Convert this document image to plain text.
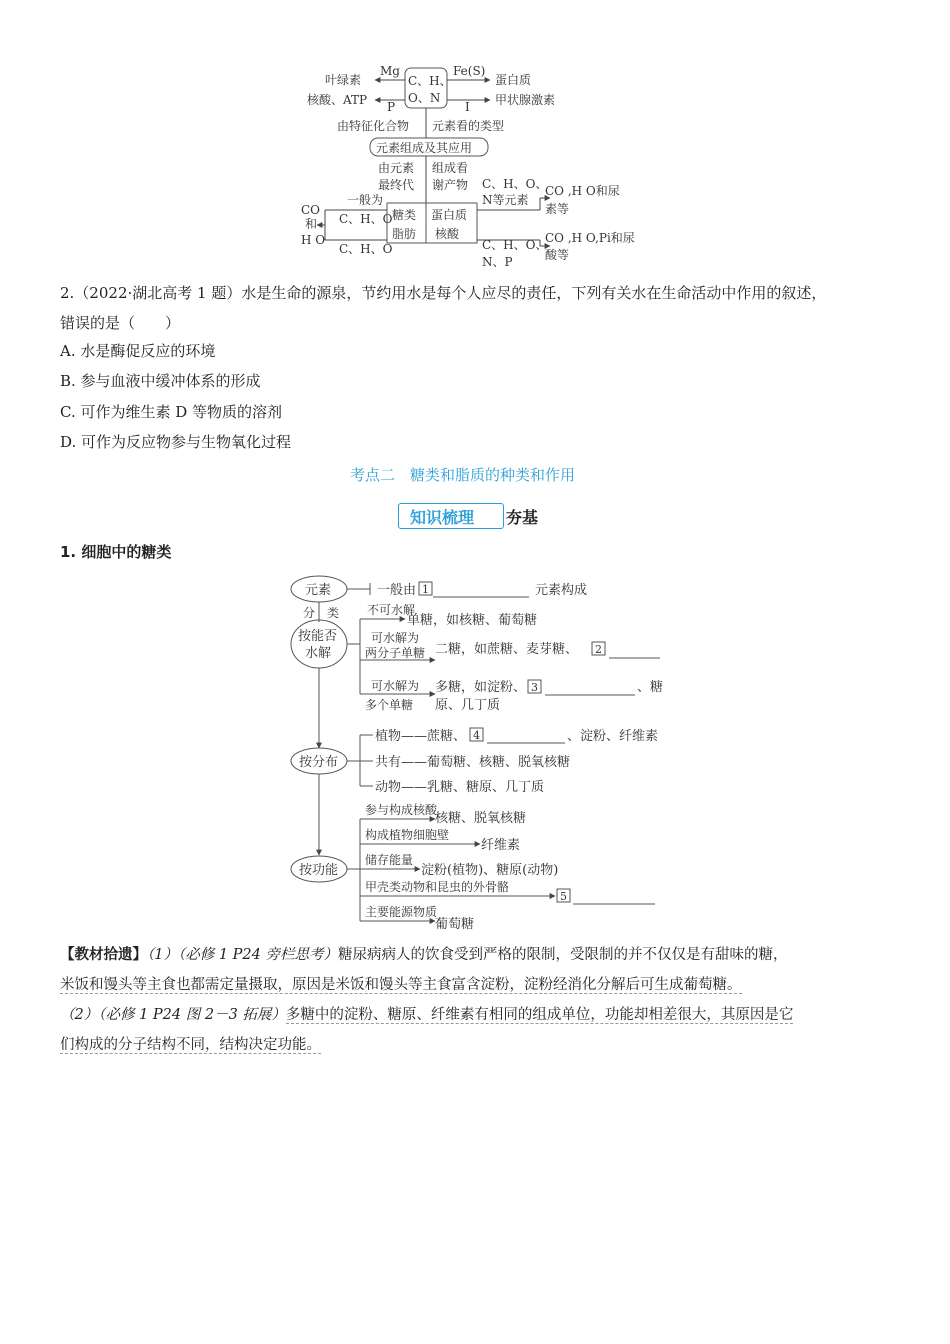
C、H、
O、N
Mg
P
叶绿素
核酸、ATP
Fe(S)
I
蛋白质
甲状腺激素
由特征化合物 元素看的类型
元素组成及其应用
由元素
最终代
组成看
谢产物
糖类 蛋白质
脂肪 核酸
一般为
C、H、O
C、H、O
CO
和
H O
C、H、O、
N等元素
CO ,H O和尿
素等
C、H、O、
N、P
CO ,H O,Pi和尿
酸等
2.（2022·湖北高考 1 题）水是生命的源泉，节约用水是每个人应尽的责任，下列有关水在生命活动中作用的叙述，
错误的是（　　）
A. 水是酶促反应的环境
B. 参与血液中缓冲体系的形成
C. 可作为维生素 D 等物质的溶剂
D. 可作为反应物参与生物氧化过程
考点二　糖类和脂质的种类和作用
知识梳理 夯基
1. 细胞中的糖类
元素	一般由 1	元素构成
分　类
按能否
水解
不可水解
单糖，如核糖、葡萄糖
可水解为
两分子单糖 二糖，如蔗糖、麦芽糖、 2
可水解为
多个单糖
多糖，如淀粉、 3	、糖
原、几丁质
按分布
植物——蔗糖、 4	、淀粉、纤维素
共有——葡萄糖、核糖、脱氧核糖
动物——乳糖、糖原、几丁质
按功能
参与构成核酸
核糖、脱氧核糖
构成植物细胞壁
纤维素
储存能量
淀粉(植物)、糖原(动物)
甲壳类动物和昆虫的外骨骼
5
主要能源物质
葡萄糖
【教材拾遗】（1）（必修 1 P24 旁栏思考）糖尿病病人的饮食受到严格的限制，受限制的并不仅仅是有甜味的糖，
米饭和馒头等主食也都需定量摄取，原因是米饭和馒头等主食富含淀粉，淀粉经消化分解后可生成葡萄糖。
（2）（必修 1 P24 图 2－3 拓展）多糖中的淀粉、糖原、纤维素有相同的组成单位，功能却相差很大，其原因是它
们构成的分子结构不同，结构决定功能。
